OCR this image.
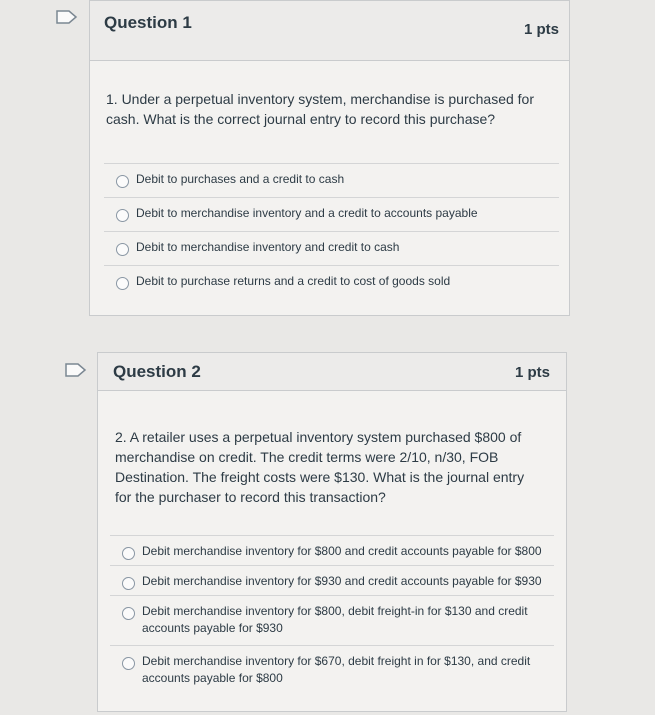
Question 1	1 pts
1. Under a perpetual inventory system, merchandise is purchased for cash. What is the correct journal entry to record this purchase?
Debit to purchases and a credit to cash
Debit to merchandise inventory and a credit to accounts payable
Debit to merchandise inventory and credit to cash
Debit to purchase returns and a credit to cost of goods sold
Question 2	1 pts
2. A retailer uses a perpetual inventory system purchased $800 of merchandise on credit. The credit terms were 2/10, n/30, FOB Destination. The freight costs were $130. What is the journal entry for the purchaser to record this transaction?
Debit merchandise inventory for $800 and credit accounts payable for $800
Debit merchandise inventory for $930 and credit accounts payable for $930
Debit merchandise inventory for $800, debit freight-in for $130 and credit accounts payable for $930
Debit merchandise inventory for $670, debit freight in for $130, and credit accounts payable for $800
